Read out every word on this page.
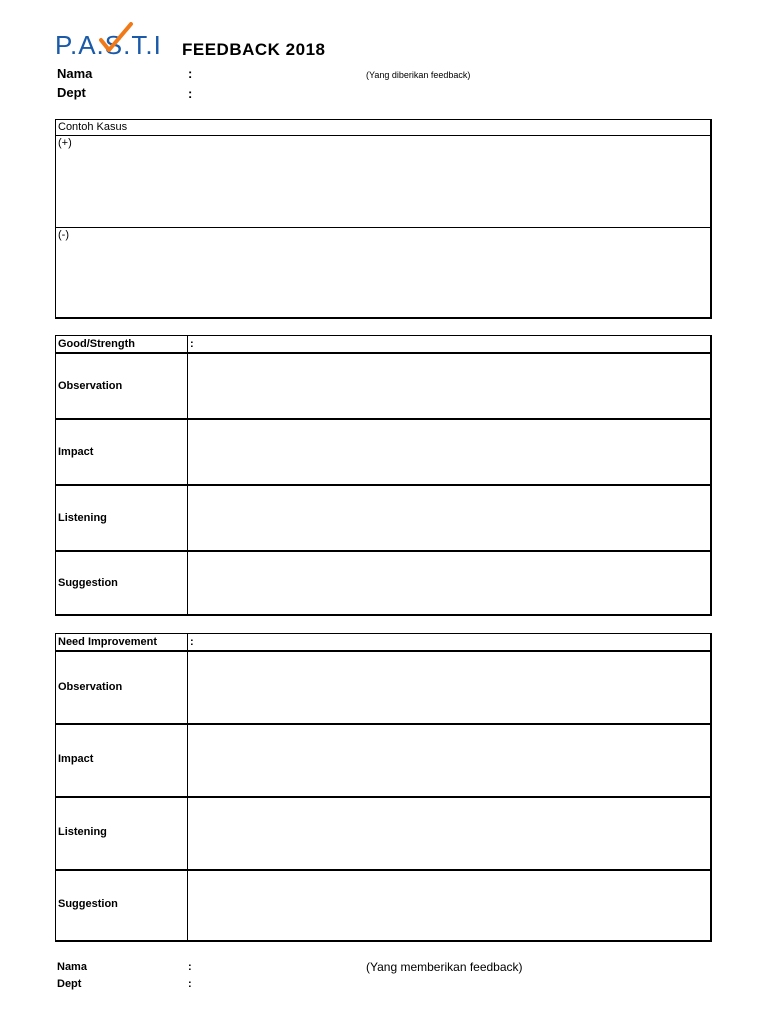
P.A.S.T.I FEEDBACK 2018
Nama	:	(Yang diberikan feedback)
Dept	:
Contoh Kasus
(+)
(-)
Good/Strength	:
Observation
Impact
Listening
Suggestion
Need Improvement	:
Observation
Impact
Listening
Suggestion
Nama	:	(Yang memberikan feedback)
Dept	:
